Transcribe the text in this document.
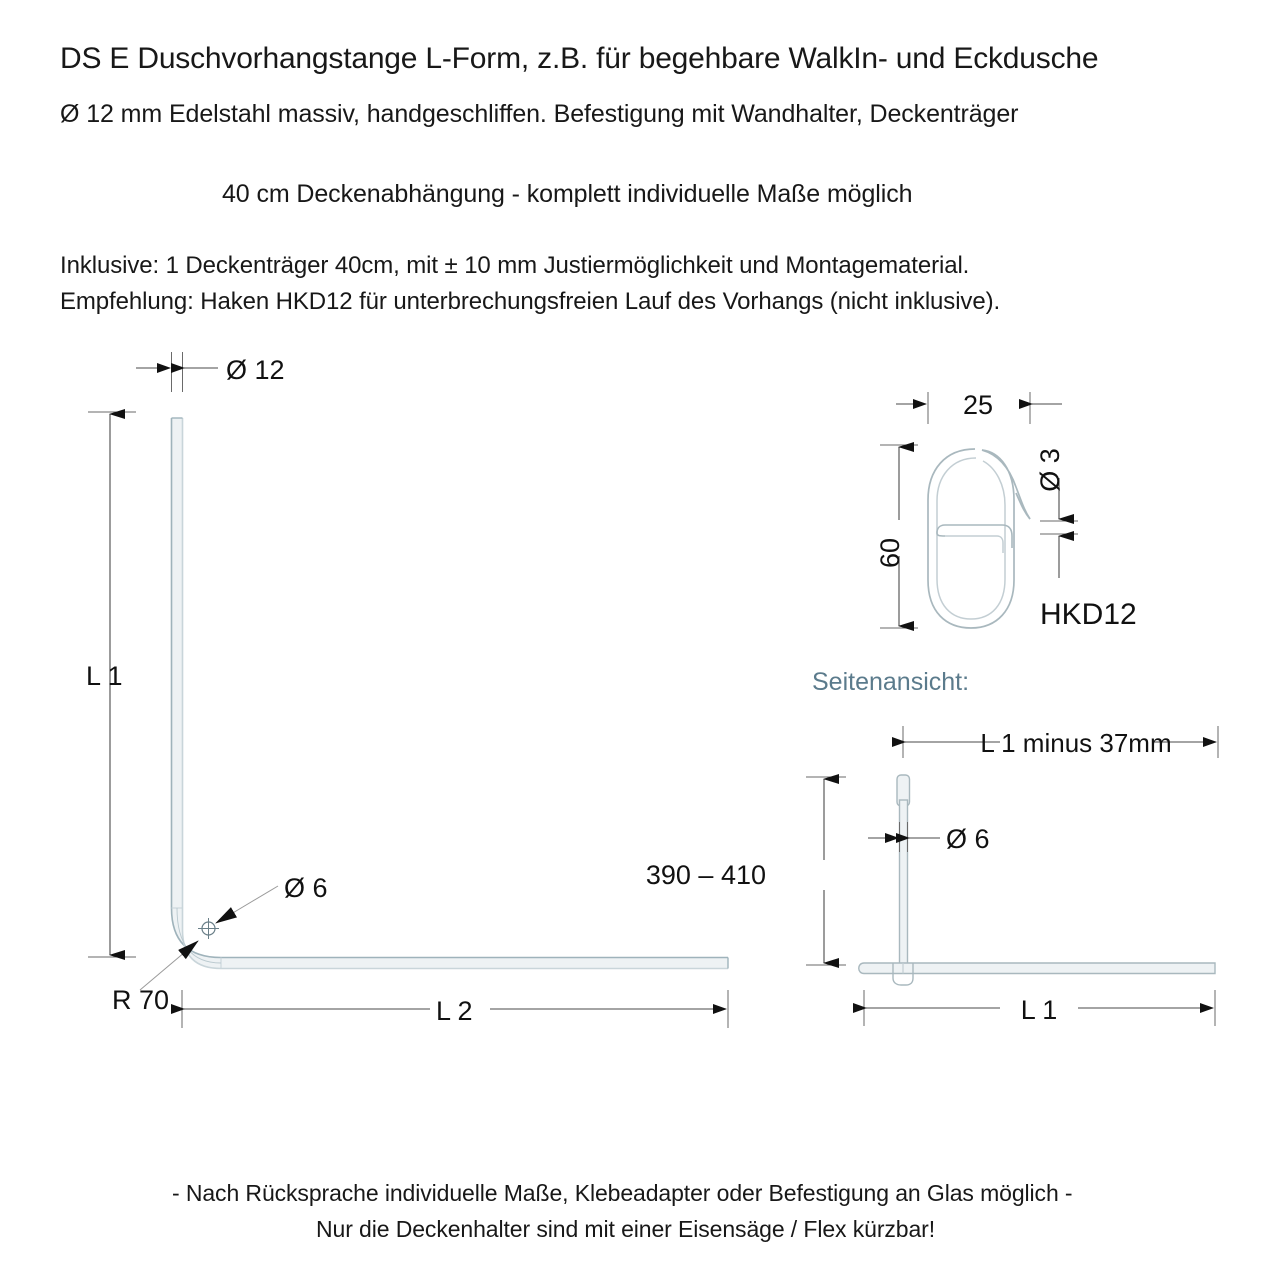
DS E Duschvorhangstange L-Form, z.B. für begehbare WalkIn- und Eckdusche
Ø 12 mm Edelstahl massiv, handgeschliffen. Befestigung mit Wandhalter, Deckenträger
40 cm Deckenabhängung - komplett individuelle Maße möglich
Inklusive: 1 Deckenträger 40cm, mit ± 10 mm Justiermöglichkeit und Montagematerial.
Empfehlung: Haken HKD12 für unterbrechungsfreien Lauf des Vorhangs (nicht inklusive).
Seitenansicht:
- Nach Rücksprache individuelle Maße, Klebeadapter oder Befestigung an Glas möglich -
Nur die Deckenhalter sind mit einer Eisensäge / Flex kürzbar!
Ø 12
L 1
L 2
Ø 6
R 70
25
60
Ø 3
HKD12
Ø 6
390 – 410
L 1 minus 37mm
L 1
